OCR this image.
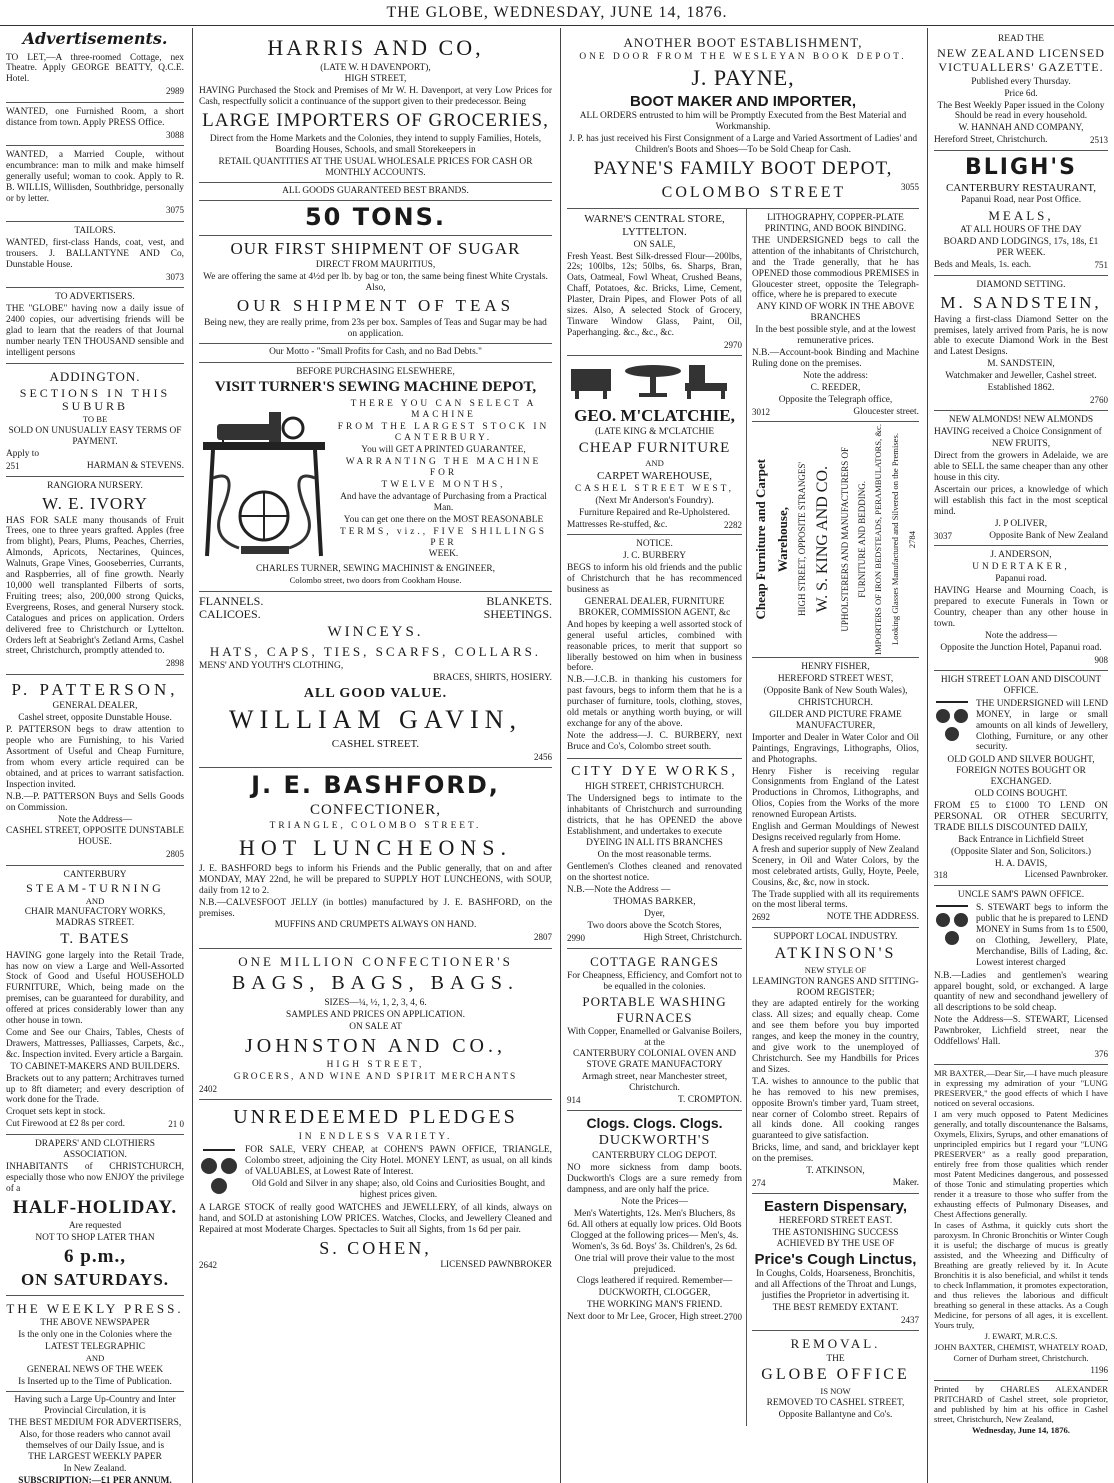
THE GLOBE, WEDNESDAY, JUNE 14, 1876.
Advertisements.

TO LET,—A three-roomed Cottage, nex Theatre. Apply GEORGE BEATTY, Q.C.E. Hotel.

2989

WANTED, one Furnished Room, a short distance from town. Apply PRESS Office.

3088

WANTED, a Married Couple, without encumbrance: man to milk and make himself generally useful; woman to cook. Apply to R. B. WILLIS, Willisden, Southbridge, personally or by letter.

3075

TAILORS.

WANTED, first-class Hands, coat, vest, and trousers. J. BALLANTYNE AND Co, Dunstable House.

3073

TO ADVERTISERS.

THE "GLOBE" having now a daily issue of 2400 copies, our advertising friends will be glad to learn that the readers of that Journal number nearly TEN THOUSAND sensible and intelligent persons

ADDINGTON.

SECTIONS IN THIS SUBURB

TO BE

SOLD ON UNUSUALLY EASY TERMS OF PAYMENT.

Apply to

251	HARMAN & STEVENS.

RANGIORA NURSERY.

W. E. IVORY

HAS FOR SALE many thousands of Fruit Trees, one to three years grafted. Apples (free from blight), Pears, Plums, Peaches, Cherries, Almonds, Apricots, Nectarines, Quinces, Walnuts, Grape Vines, Gooseberries, Currants, and Raspberries, all of fine growth. Nearly 10,000 well transplanted Filberts of sorts, Fruiting trees; also, 200,000 strong Quicks, Evergreens, Roses, and general Nursery stock. Catalogues and prices on application. Orders delivered free to Christchurch or Lyttelton. Orders left at Seabright's Zetland Arms, Cashel street, Christchurch, promptly attended to.

2898

P. PATTERSON,

GENERAL DEALER,

Cashel street, opposite Dunstable House.

P. PATTERSON begs to draw attention to people who are Furnishing, to his Varied Assortment of Useful and Cheap Furniture, from whom every article required can be obtained, and at prices to warrant satisfaction. Inspection invited.

N.B.—P. PATTERSON Buys and Sells Goods on Commission.

Note the Address—

CASHEL STREET, OPPOSITE DUNSTABLE HOUSE.

2805

CANTERBURY

STEAM-TURNING

AND

CHAIR MANUFACTORY WORKS, MADRAS STREET.

T. BATES

HAVING gone largely into the Retail Trade, has now on view a Large and Well-Assorted Stock of Good and Useful HOUSEHOLD FURNITURE, Which, being made on the premises, can be guaranteed for durability, and offered at prices considerably lower than any other house in town.

Come and See our Chairs, Tables, Chests of Drawers, Mattresses, Palliasses, Carpets, &c., &c. Inspection invited. Every article a Bargain.

TO CABINET-MAKERS AND BUILDERS.

Brackets out to any pattern; Architraves turned up to 8ft diameter; and every description of work done for the Trade.

Croquet sets kept in stock.

Cut Firewood at £2 8s per cord.	21 0

DRAPERS' AND CLOTHIERS ASSOCIATION.

INHABITANTS of CHRISTCHURCH, especially those who now ENJOY the privilege of a

HALF-HOLIDAY.

Are requested

NOT TO SHOP LATER THAN

6 p.m.,

ON SATURDAYS.

THE WEEKLY PRESS.

THE ABOVE NEWSPAPER

Is the only one in the Colonies where the

LATEST TELEGRAPHIC

AND

GENERAL NEWS OF THE WEEK

Is Inserted up to the Time of Publication.

Having such a Large Up-Country and Inter Provincial Circulation, it is

THE BEST MEDIUM FOR ADVERTISERS,

Also, for those readers who cannot avail themselves of our Daily Issue, and is

THE LARGEST WEEKLY PAPER

In New Zealand.

SUBSCRIPTION:—£1 PER ANNUM.

HARRIS AND CO,

(LATE W. H DAVENPORT),

HIGH STREET,

HAVING Purchased the Stock and Premises of Mr W. H. Davenport, at very Low Prices for Cash, respectfully solicit a continuance of the support given to their predecessor. Being

LARGE IMPORTERS OF GROCERIES,

Direct from the Home Markets and the Colonies, they intend to supply Families, Hotels, Boarding Houses, Schools, and small Storekeepers in

RETAIL QUANTITIES AT THE USUAL WHOLESALE PRICES FOR CASH OR MONTHLY ACCOUNTS.

ALL GOODS GUARANTEED BEST BRANDS.

50 TONS.

OUR FIRST SHIPMENT OF SUGAR

DIRECT FROM MAURITIUS,

We are offering the same at 4½d per lb. by bag or ton, the same being finest White Crystals. Also,

OUR SHIPMENT OF TEAS

Being new, they are really prime, from 23s per box. Samples of Teas and Sugar may be had on application.

Our Motto - "Small Profits for Cash, and no Bad Debts."

BEFORE PURCHASING ELSEWHERE,

VISIT TURNER'S SEWING MACHINE DEPOT,

THERE YOU CAN SELECT A MACHINE

FROM THE LARGEST STOCK IN

CANTERBURY.

You will GET A PRINTED GUARANTEE,

WARRANTING THE MACHINE FOR

TWELVE MONTHS,

And have the advantage of Purchasing from a Practical Man.

You can get one there on the MOST REASONABLE

TERMS, viz., FIVE SHILLINGS PER

WEEK.

CHARLES TURNER, SEWING MACHINIST & ENGINEER,

Colombo street, two doors from Cookham House.

FLANNELS.	BLANKETS.
CALICOES.	SHEETINGS.

WINCEYS.

HATS, CAPS, TIES, SCARFS, COLLARS.

MENS' AND YOUTH'S CLOTHING,

BRACES, SHIRTS, HOSIERY.

ALL GOOD VALUE.

WILLIAM GAVIN,

CASHEL STREET.

2456

J. E. BASHFORD,

CONFECTIONER,

TRIANGLE, COLOMBO STREET.

HOT LUNCHEONS.

J. E. BASHFORD begs to inform his Friends and the Public generally, that on and after MONDAY, MAY 22nd, he will be prepared to SUPPLY HOT LUNCHEONS, with SOUP, daily from 12 to 2.

N.B.—CALVESFOOT JELLY (in bottles) manufactured by J. E. BASHFORD, on the premises.

MUFFINS AND CRUMPETS ALWAYS ON HAND.

2807

ONE MILLION CONFECTIONER'S

BAGS, BAGS, BAGS.

SIZES—¼, ½, 1, 2, 3, 4, 6.

SAMPLES AND PRICES ON APPLICATION.

ON SALE AT

JOHNSTON AND CO.,

HIGH STREET,

GROCERS, AND WINE AND SPIRIT MERCHANTS

2402

UNREDEEMED PLEDGES

IN ENDLESS VARIETY.

FOR SALE, VERY CHEAP, at COHEN'S PAWN OFFICE, TRIANGLE, Colombo street, adjoining the City Hotel. MONEY LENT, as usual, on all kinds of VALUABLES, at Lowest Rate of Interest.

Old Gold and Silver in any shape; also, old Coins and Curiosities Bought, and highest prices given.

A LARGE STOCK of really good WATCHES and JEWELLERY, of all kinds, always on hand, and SOLD at astonishing LOW PRICES. Watches, Clocks, and Jewellery Cleaned and Repaired at most Moderate Charges. Spectacles to Suit all Sights, from 1s 6d per pair.

S. COHEN,

2642	LICENSED PAWNBROKER

ANOTHER BOOT ESTABLISHMENT,

ONE DOOR FROM THE WESLEYAN BOOK DEPOT.

J. PAYNE,

BOOT MAKER AND IMPORTER,

ALL ORDERS entrusted to him will be Promptly Executed from the Best Material and Workmanship.

J. P. has just received his First Consignment of a Large and Varied Assortment of Ladies' and Children's Boots and Shoes—To be Sold Cheap for Cash.

PAYNE'S FAMILY BOOT DEPOT,

COLOMBO STREET	3055

WARNE'S CENTRAL STORE, LYTTELTON.

ON SALE,

Fresh Yeast. Best Silk-dressed Flour—200lbs, 22s; 100lbs, 12s; 50lbs, 6s. Sharps, Bran, Oats, Oatmeal, Fowl Wheat, Crushed Beans, Chaff, Potatoes, &c. Bricks, Lime, Cement, Plaster, Drain Pipes, and Flower Pots of all sizes. Also, A selected Stock of Grocery, Tinware Window Glass, Paint, Oil, Paperhanging. &c., &c., &c.

2970

GEO. M'CLATCHIE,

(LATE KING & M'CLATCHIE

CHEAP FURNITURE

AND

CARPET WAREHOUSE,

CASHEL STREET WEST,

(Next Mr Anderson's Foundry).

Furniture Repaired and Re-Upholstered.

Mattresses Re-stuffed, &c.	2282

NOTICE.

J. C. BURBERY

BEGS to inform his old friends and the public of Christchurch that he has recommenced business as

GENERAL DEALER, FURNITURE BROKER, COMMISSION AGENT, &c

And hopes by keeping a well assorted stock of general useful articles, combined with reasonable prices, to merit that support so liberally bestowed on him when in business before.

N.B.—J.C.B. in thanking his customers for past favours, begs to inform them that he is a purchaser of furniture, tools, clothing, stoves, old metals or anything worth buying, or will exchange for any of the above.

Note the address—J. C. BURBERY, next Bruce and Co's, Colombo street south.

CITY DYE WORKS,

HIGH STREET, CHRISTCHURCH.

The Undersigned begs to intimate to the inhabitants of Christchurch and surrounding districts, that he has OPENED the above Establishment, and undertakes to execute

DYEING IN ALL ITS BRANCHES

On the most reasonable terms.

Gentlemen's Clothes cleaned and renovated on the shortest notice.

N.B.—Note the Address —

THOMAS BARKER,

Dyer,

Two doors above the Scotch Stores,

2990	High Street, Christchurch.

COTTAGE RANGES

For Cheapness, Efficiency, and Comfort not to be equalled in the colonies.

PORTABLE WASHING FURNACES

With Copper, Enamelled or Galvanise Boilers, at the

CANTERBURY COLONIAL OVEN AND STOVE GRATE MANUFACTORY

Armagh street, near Manchester street, Christchurch.

914	T. CROMPTON.

Clogs. Clogs. Clogs.

DUCKWORTH'S

CANTERBURY CLOG DEPOT.

NO more sickness from damp boots. Duckworth's Clogs are a sure remedy from dampness, and are only half the price.

Note the Prices—

Men's Watertights, 12s. Men's Bluchers, 8s 6d. All others at equally low prices. Old Boots Clogged at the following prices— Men's, 4s. Women's, 3s 6d. Boys' 3s. Children's, 2s 6d.

One trial will prove their value to the most prejudiced.

Clogs leathered if required. Remember—

DUCKWORTH, CLOGGER,

THE WORKING MAN'S FRIEND.

Next door to Mr Lee, Grocer, High street. 2700

LITHOGRAPHY, COPPER-PLATE PRINTING, AND BOOK BINDING.

THE UNDERSIGNED begs to call the attention of the inhabitants of Christchurch, and the Trade generally, that he has OPENED those commodious PREMISES in Gloucester street, opposite the Telegraph-office, where he is prepared to execute

ANY KIND OF WORK IN THE ABOVE BRANCHES

In the best possible style, and at the lowest remunerative prices.

N.B.—Account-book Binding and Machine Ruling done on the premises.

Note the address:

C. REEDER,

Opposite the Telegraph office,

3012	Gloucester street.
Cheap Furniture and Carpet Warehouse, HIGH STREET, OPPOSITE STRANGES' W. S. KING AND CO. UPHOLSTERERS AND MANUFACTURERS OF FURNITURE AND BEDDING. IMPORTERS OF IRON BEDSTEADS, PERAMBULATORS, &c. Looking Glasses Manufactured and Silvered on the Premises. 2784

HENRY FISHER,

HEREFORD STREET WEST,

(Opposite Bank of New South Wales),

CHRISTCHURCH.

GILDER AND PICTURE FRAME MANUFACTURER,

Importer and Dealer in Water Color and Oil Paintings, Engravings, Lithographs, Olios, and Photographs.

Henry Fisher is receiving regular Consignments from England of the Latest Productions in Chromos, Lithographs, and Olios, Copies from the Works of the more renowned European Artists.

English and German Mouldings of Newest Designs received regularly from Home.

A fresh and superior supply of New Zealand Scenery, in Oil and Water Colors, by the most celebrated artists, Gully, Hoyte, Peele, Cousins, &c, &c, now in stock.

The Trade supplied with all its requirements on the most liberal terms.

2692	NOTE THE ADDRESS.

SUPPORT LOCAL INDUSTRY.

ATKINSON'S

NEW STYLE OF

LEAMINGTON RANGES AND SITTING-ROOM REGISTER;

they are adapted entirely for the working class. All sizes; and equally cheap. Come and see them before you buy imported ranges, and keep the money in the country, and give work to the unemployed of Christchurch. See my Handbills for Prices and Sizes.

T.A. wishes to announce to the public that he has removed to his new premises, opposite Brown's timber yard, Tuam street, near corner of Colombo street. Repairs of all kinds done. All cooking ranges guaranteed to give satisfaction.

Bricks, lime, and sand, and bricklayer kept on the premises.

T. ATKINSON,

274	Maker.

Eastern Dispensary,

HEREFORD STREET EAST.

THE ASTONISHING SUCCESS ACHIEVED BY THE USE OF

Price's Cough Linctus,

In Coughs, Colds, Hoarseness, Bronchitis, and all Affections of the Throat and Lungs, justifies the Proprietor in advertising it.

THE BEST REMEDY EXTANT.

2437

REMOVAL.

THE

GLOBE OFFICE

IS NOW

REMOVED TO CASHEL STREET,

Opposite Ballantyne and Co's.

READ THE

NEW ZEALAND LICENSED VICTUALLERS' GAZETTE.

Published every Thursday.

Price 6d.

The Best Weekly Paper issued in the Colony Should be read in every household.

W. HANNAH AND COMPANY,

Hereford Street, Christchurch.	2513

BLIGH'S

CANTERBURY RESTAURANT,

Papanui Road, near Post Office.

MEALS,

AT ALL HOURS OF THE DAY

BOARD AND LODGINGS, 17s, 18s, £1 PER WEEK.

Beds and Meals, 1s. each.	751

DIAMOND SETTING.

M. SANDSTEIN,

Having a first-class Diamond Setter on the premises, lately arrived from Paris, he is now able to execute Diamond Work in the Best and Latest Designs.

M. SANDSTEIN,

Watchmaker and Jeweller, Cashel street.

Established 1862.

2760

NEW ALMONDS! NEW ALMONDS

HAVING received a Choice Consignment of

NEW FRUITS,

Direct from the growers in Adelaide, we are able to SELL the same cheaper than any other house in this city.

Ascertain our prices, a knowledge of which will establish this fact in the most sceptical mind.

J. P OLIVER,

3037	Opposite Bank of New Zealand

J. ANDERSON,

UNDERTAKER,

Papanui road.

HAVING Hearse and Mourning Coach, is prepared to execute Funerals in Town or Country, cheaper than any other house in town.

Note the address—

Opposite the Junction Hotel, Papanui road.

908

HIGH STREET LOAN AND DISCOUNT OFFICE.

THE UNDERSIGNED will LEND MONEY, in large or small amounts on all kinds of Jewellery, Clothing, Furniture, or any other security.

OLD GOLD AND SILVER BOUGHT, FOREIGN NOTES BOUGHT OR EXCHANGED.

OLD COINS BOUGHT.

FROM £5 to £1000 TO LEND ON PERSONAL OR OTHER SECURITY, TRADE BILLS DISCOUNTED DAILY,

Back Entrance in Lichfield Street

(Opposite Slater and Son, Solicitors.)

H. A. DAVIS,

318	Licensed Pawnbroker.

UNCLE SAM'S PAWN OFFICE.

S. STEWART begs to inform the public that he is prepared to LEND MONEY in Sums from 1s to £500, on Clothing, Jewellery, Plate, Merchandise, Bills of Lading, &c. Lowest interest charged

N.B.—Ladies and gentlemen's wearing apparel bought, sold, or exchanged. A large quantity of new and secondhand jewellery of all descriptions to be sold cheap.

Note the Address—S. STEWART, Licensed Pawnbroker, Lichfield street, near the Oddfellows' Hall.

376

MR BAXTER,—Dear Sir,—I have much pleasure in expressing my admiration of your "LUNG PRESERVER," the good effects of which I have noticed on several occasions.

I am very much opposed to Patent Medicines generally, and totally discountenance the Balsams, Oxymels, Elixirs, Syrups, and other emanations of unprincipled empirics but I regard your "LUNG PRESERVER" as a really good preparation, entirely free from those qualities which render most Patent Medicines dangerous, and possessed of those Tonic and stimulating properties which render it a treasure to those who suffer from the exhausting effects of Pulmonary Diseases, and Chest Affections generally.

In cases of Asthma, it quickly cuts short the paroxysm. In Chronic Bronchitis or Winter Cough it is useful; the discharge of mucus is greatly assisted, and the Wheezing and Difficulty of Breathing are greatly relieved by it. In Acute Bronchitis it is also beneficial, and whilst it tends to check Inflammation, it promotes expectoration, and thus relieves the laborious and difficult breathing so general in these attacks. As a Cough Medicine, for persons of all ages, it is excellent. Yours truly,

J. EWART, M.R.C.S.

JOHN BAXTER, CHEMIST, WHATELY ROAD,

Corner of Durham street, Christchurch.

1196

Printed by CHARLES ALEXANDER PRITCHARD of Cashel street, sole proprietor, and published by him at his office in Cashel street, Christchurch, New Zealand,

Wednesday, June 14, 1876.
